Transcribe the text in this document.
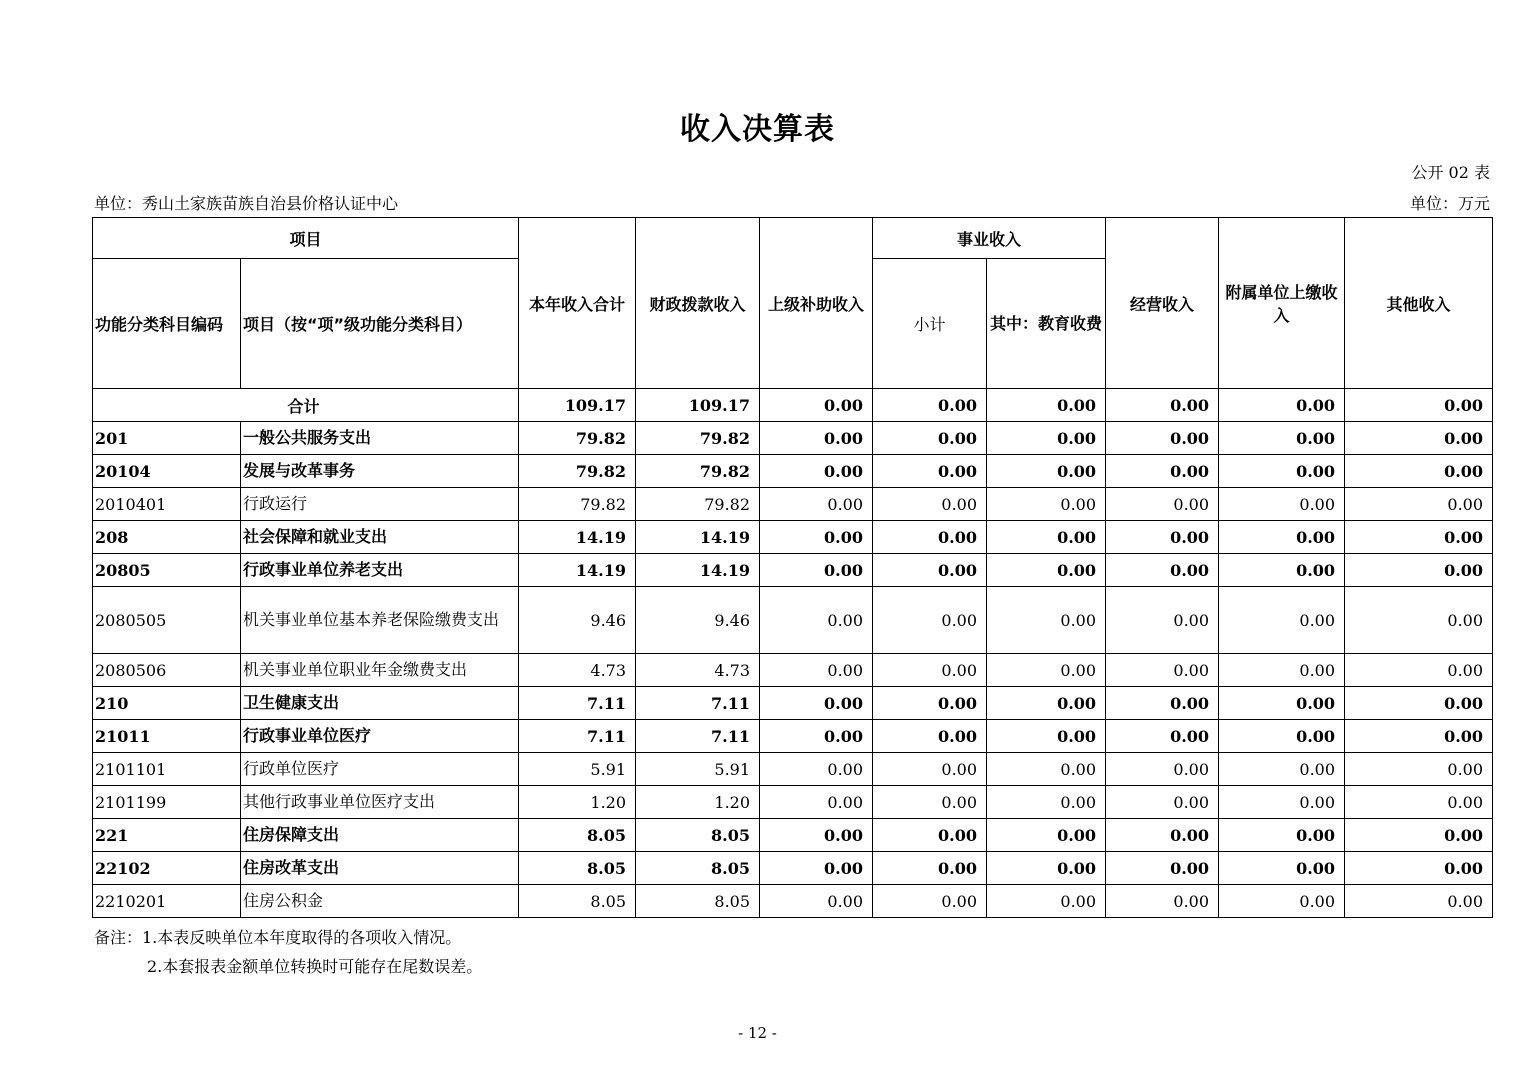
收入决算表
公开 02 表
单位：秀山土家族苗族自治县价格认证中心	单位：万元
项目		本年收入合计	财政拨款收入	上级补助收入	事业收入		经营收入	附属单位上缴收入	其他收入
功能分类科目编码	项目（按“项”级功能分类科目）				小计	其中：教育收费			
合计		109.17	109.17	0.00	0.00	0.00	0.00	0.00	0.00
201	一般公共服务支出	79.82	79.82	0.00	0.00	0.00	0.00	0.00	0.00
20104	发展与改革事务	79.82	79.82	0.00	0.00	0.00	0.00	0.00	0.00
2010401	行政运行	79.82	79.82	0.00	0.00	0.00	0.00	0.00	0.00
208	社会保障和就业支出	14.19	14.19	0.00	0.00	0.00	0.00	0.00	0.00
20805	行政事业单位养老支出	14.19	14.19	0.00	0.00	0.00	0.00	0.00	0.00
2080505	机关事业单位基本养老保险缴费支出	9.46	9.46	0.00	0.00	0.00	0.00	0.00	0.00
2080506	机关事业单位职业年金缴费支出	4.73	4.73	0.00	0.00	0.00	0.00	0.00	0.00
210	卫生健康支出	7.11	7.11	0.00	0.00	0.00	0.00	0.00	0.00
21011	行政事业单位医疗	7.11	7.11	0.00	0.00	0.00	0.00	0.00	0.00
2101101	行政单位医疗	5.91	5.91	0.00	0.00	0.00	0.00	0.00	0.00
2101199	其他行政事业单位医疗支出	1.20	1.20	0.00	0.00	0.00	0.00	0.00	0.00
221	住房保障支出	8.05	8.05	0.00	0.00	0.00	0.00	0.00	0.00
22102	住房改革支出	8.05	8.05	0.00	0.00	0.00	0.00	0.00	0.00
2210201	住房公积金	8.05	8.05	0.00	0.00	0.00	0.00	0.00	0.00
备注：1.本表反映单位本年度取得的各项收入情况。
2.本套报表金额单位转换时可能存在尾数误差。
- 12 -
